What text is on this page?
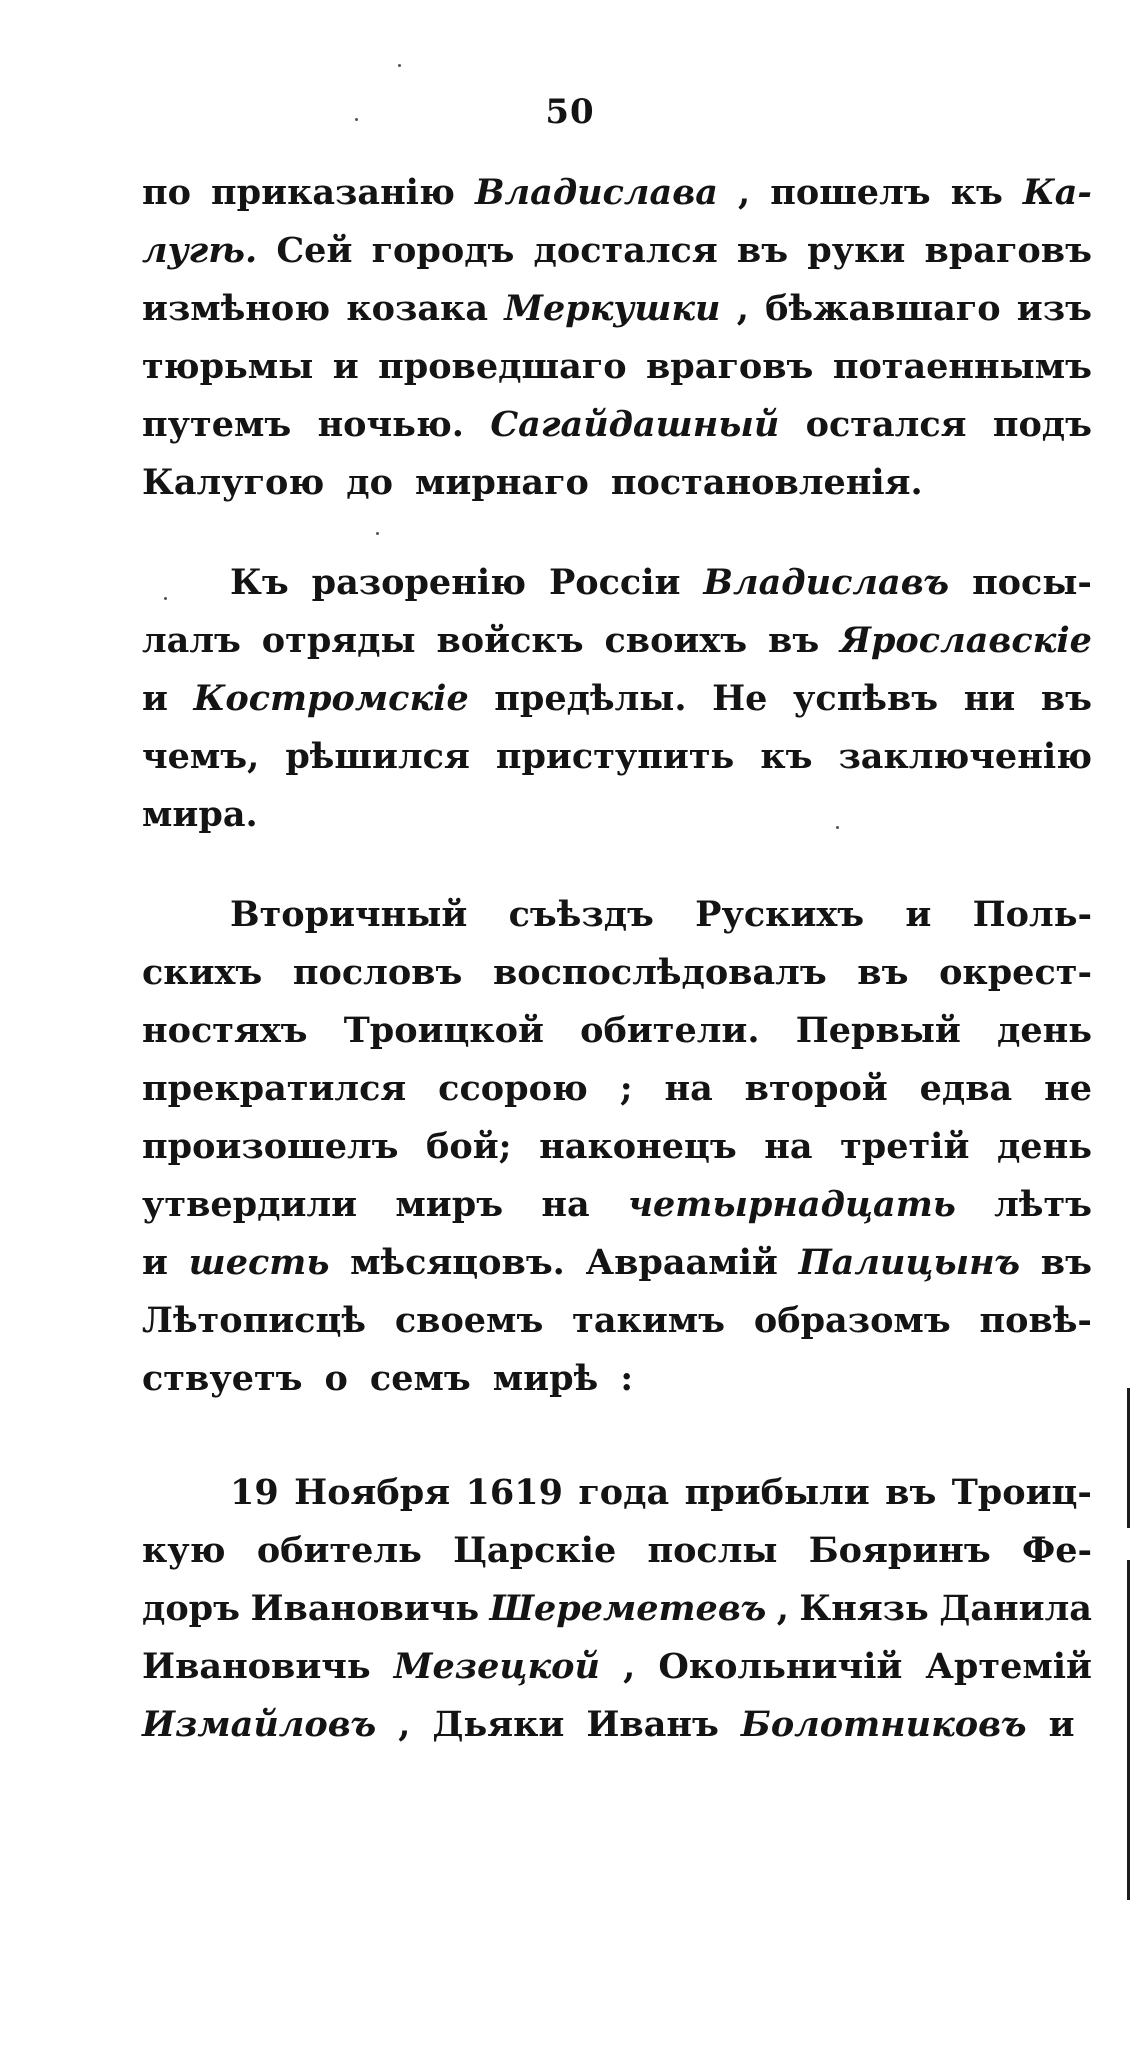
50
по приказанію Владислава , пошелъ къ Ка-
лугѣ. Сей городъ достался въ руки враговъ
измѣною козака Меркушки , бѣжавшаго изъ
тюрьмы и проведшаго враговъ потаеннымъ
путемъ ночью. Сагайдашный остался подъ
Калугою до мирнаго постановленія.
Къ разоренію Россіи Владиславъ посы-
лалъ отряды войскъ своихъ въ Ярославскіе
и Костромскіе предѣлы. Не успѣвъ ни въ
чемъ, рѣшился приступить къ заключенію
мира.
Вторичный съѣздъ Рускихъ и Поль-
скихъ пословъ воспослѣдовалъ въ окрест-
ностяхъ Троицкой обители. Первый день
прекратился ссорою ; на второй едва не
произошелъ бой; наконецъ на третій день
утвердили миръ на четырнадцать лѣтъ
и шесть мѣсяцовъ. Авраамій Палицынъ въ
Лѣтописцѣ своемъ такимъ образомъ повѣ-
ствуетъ о семъ мирѣ :
19 Ноября 1619 года прибыли въ Троиц-
кую обитель Царскіе послы Бояринъ Фе-
доръ Ивановичь Шереметевъ , Князь Данила
Ивановичь Мезецкой , Окольничій Артемій
Измайловъ , Дьяки Иванъ Болотниковъ и
